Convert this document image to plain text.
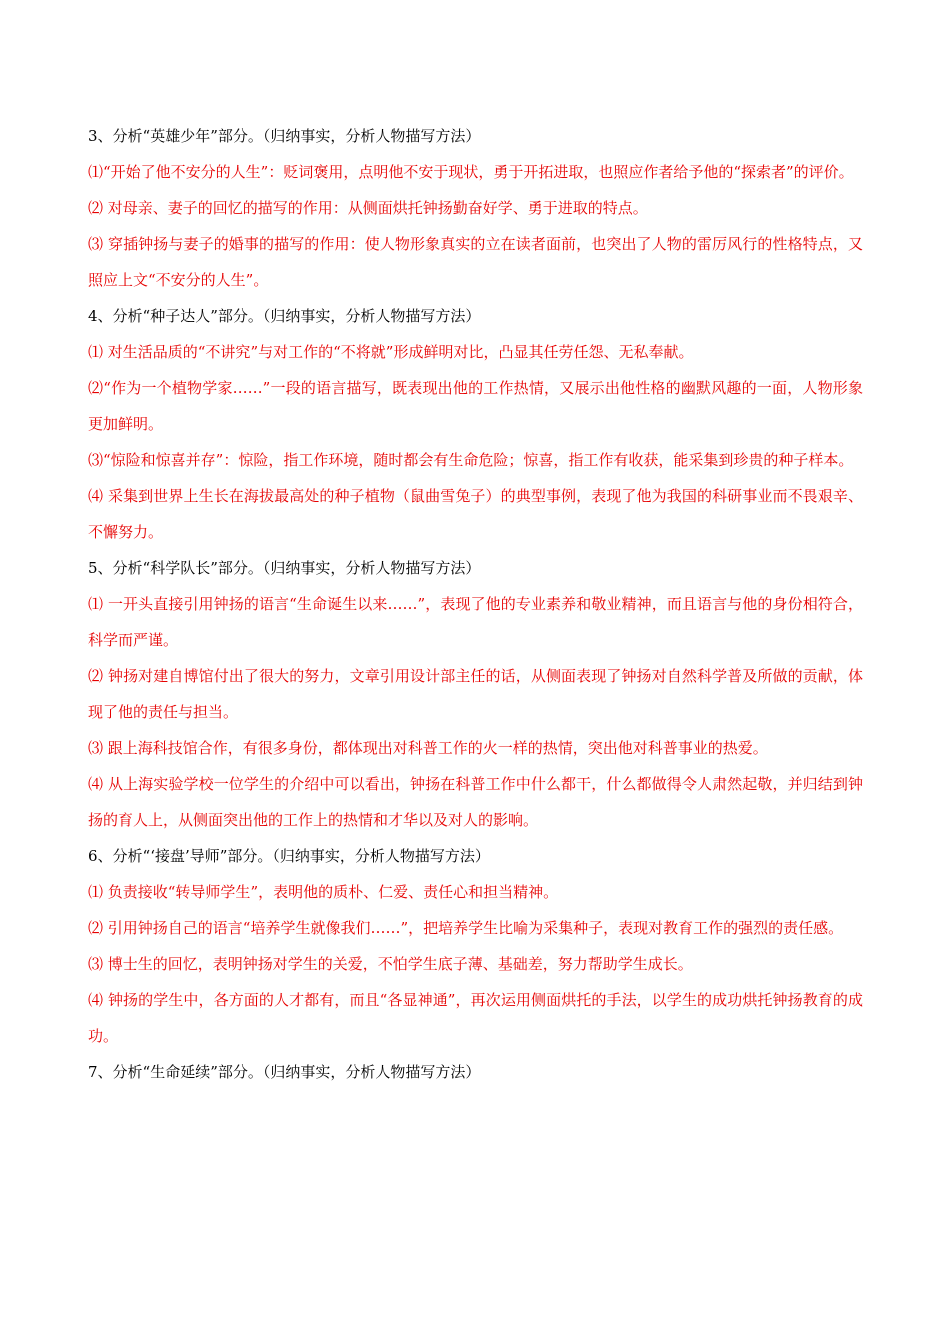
3、分析“英雄少年”部分。（归纳事实，分析人物描写方法）
⑴“开始了他不安分的人生”：贬词褒用，点明他不安于现状，勇于开拓进取，也照应作者给予他的“探索者”的评价。
⑵ 对母亲、妻子的回忆的描写的作用：从侧面烘托钟扬勤奋好学、勇于进取的特点。
⑶ 穿插钟扬与妻子的婚事的描写的作用：使人物形象真实的立在读者面前，也突出了人物的雷厉风行的性格特点，又照应上文“不安分的人生”。
4、分析“种子达人”部分。（归纳事实，分析人物描写方法）
⑴ 对生活品质的“不讲究”与对工作的“不将就”形成鲜明对比，凸显其任劳任怨、无私奉献。
⑵“作为一个植物学家……”一段的语言描写，既表现出他的工作热情，又展示出他性格的幽默风趣的一面，人物形象更加鲜明。
⑶“惊险和惊喜并存”：惊险，指工作环境，随时都会有生命危险；惊喜，指工作有收获，能采集到珍贵的种子样本。
⑷ 采集到世界上生长在海拔最高处的种子植物（鼠曲雪兔子）的典型事例，表现了他为我国的科研事业而不畏艰辛、不懈努力。
5、分析“科学队长”部分。（归纳事实，分析人物描写方法）
⑴ 一开头直接引用钟扬的语言“生命诞生以来……”，表现了他的专业素养和敬业精神，而且语言与他的身份相符合，科学而严谨。
⑵ 钟扬对建自博馆付出了很大的努力，文章引用设计部主任的话，从侧面表现了钟扬对自然科学普及所做的贡献，体现了他的责任与担当。
⑶ 跟上海科技馆合作，有很多身份，都体现出对科普工作的火一样的热情，突出他对科普事业的热爱。
⑷ 从上海实验学校一位学生的介绍中可以看出，钟扬在科普工作中什么都干，什么都做得令人肃然起敬，并归结到钟扬的育人上，从侧面突出他的工作上的热情和才华以及对人的影响。
6、分析“‘接盘’导师”部分。（归纳事实，分析人物描写方法）
⑴ 负责接收“转导师学生”，表明他的质朴、仁爱、责任心和担当精神。
⑵ 引用钟扬自己的语言“培养学生就像我们……”，把培养学生比喻为采集种子，表现对教育工作的强烈的责任感。
⑶ 博士生的回忆，表明钟扬对学生的关爱，不怕学生底子薄、基础差，努力帮助学生成长。
⑷ 钟扬的学生中，各方面的人才都有，而且“各显神通”，再次运用侧面烘托的手法，以学生的成功烘托钟扬教育的成功。
7、分析“生命延续”部分。（归纳事实，分析人物描写方法）
